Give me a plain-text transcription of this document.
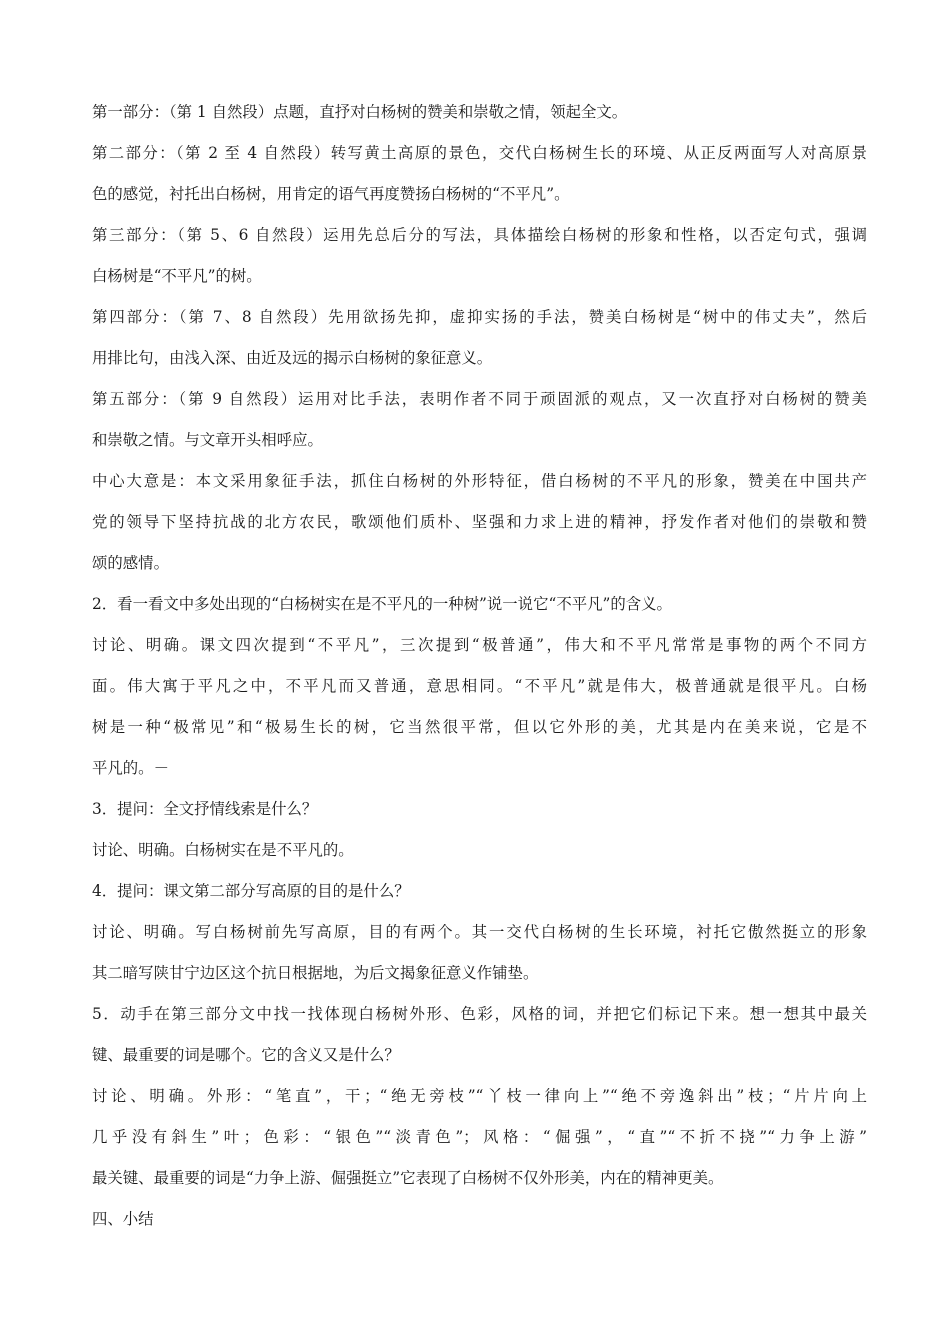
第一部分：（第 1 自然段）点题，直抒对白杨树的赞美和崇敬之情，领起全文。

第二部分：（第 2 至 4 自然段）转写黄土高原的景色，交代白杨树生长的环境、从正反两面写人对高原景

色的感觉，衬托出白杨树，用肯定的语气再度赞扬白杨树的“不平凡”。

第三部分：（第 5、6 自然段）运用先总后分的写法，具体描绘白杨树的形象和性格，以否定句式，强调

白杨树是“不平凡”的树。

第四部分：（第 7、8 自然段）先用欲扬先抑，虚抑实扬的手法，赞美白杨树是“树中的伟丈夫”，然后

用排比句，由浅入深、由近及远的揭示白杨树的象征意义。

第五部分：（第 9 自然段）运用对比手法，表明作者不同于顽固派的观点，又一次直抒对白杨树的赞美

和崇敬之情。与文章开头相呼应。

中心大意是：本文采用象征手法，抓住白杨树的外形特征，借白杨树的不平凡的形象，赞美在中国共产

党的领导下坚持抗战的北方农民，歌颂他们质朴、坚强和力求上进的精神，抒发作者对他们的崇敬和赞

颂的感情。

2．看一看文中多处出现的“白杨树实在是不平凡的一种树”说一说它“不平凡”的含义。

讨论、明确。课文四次提到“不平凡”，三次提到“极普通”，伟大和不平凡常常是事物的两个不同方

面。伟大寓于平凡之中，不平凡而又普通，意思相同。“不平凡”就是伟大，极普通就是很平凡。白杨

树是一种“极常见”和“极易生长的树，它当然很平常，但以它外形的美，尤其是内在美来说，它是不

平凡的。－

3．提问：全文抒情线索是什么？

讨论、明确。白杨树实在是不平凡的。

4．提问：课文第二部分写高原的目的是什么？

讨论、明确。写白杨树前先写高原，目的有两个。其一交代白杨树的生长环境，衬托它傲然挺立的形象

其二暗写陕甘宁边区这个抗日根据地，为后文揭象征意义作铺垫。

5．动手在第三部分文中找一找体现白杨树外形、色彩，风格的词，并把它们标记下来。想一想其中最关

键、最重要的词是哪个。它的含义又是什么？

讨论、明确。外形：“笔直”，干；“绝无旁枝”“丫枝一律向上”“绝不旁逸斜出”枝；“片片向上

几乎没有斜生”叶；色彩：“银色”“淡青色”；风格：“倔强”，“直”“不折不挠”“力争上游”

最关键、最重要的词是“力争上游、倔强挺立”它表现了白杨树不仅外形美，内在的精神更美。

四、小结
